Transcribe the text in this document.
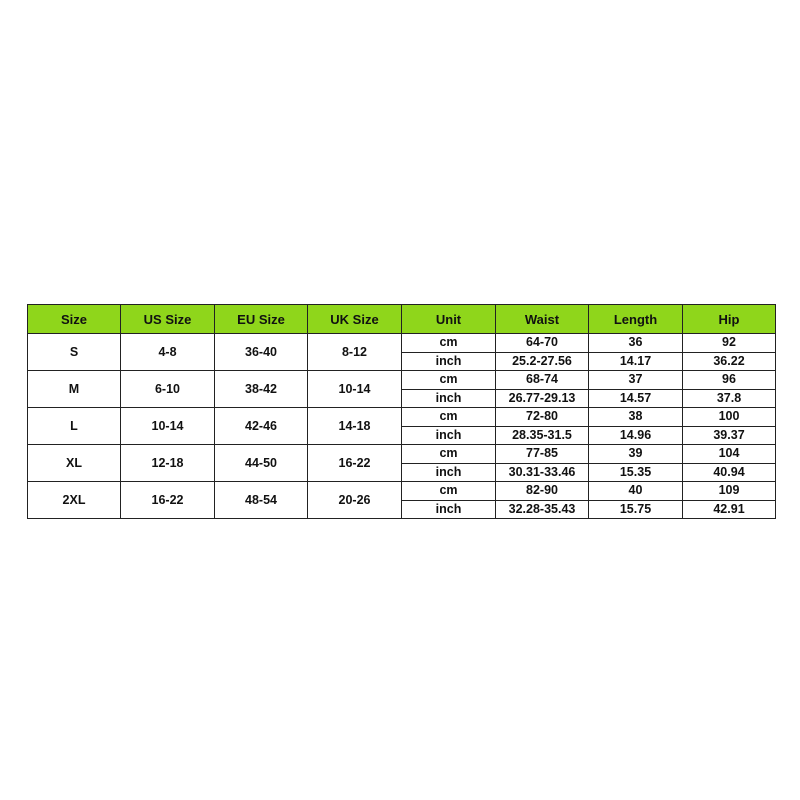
Size	US Size	EU Size	UK Size	Unit	Waist	Length	Hip
S	4-8	36-40	8-12	cm	64-70	36	92
				inch	25.2-27.56	14.17	36.22
M	6-10	38-42	10-14	cm	68-74	37	96
				inch	26.77-29.13	14.57	37.8
L	10-14	42-46	14-18	cm	72-80	38	100
				inch	28.35-31.5	14.96	39.37
XL	12-18	44-50	16-22	cm	77-85	39	104
				inch	30.31-33.46	15.35	40.94
2XL	16-22	48-54	20-26	cm	82-90	40	109
				inch	32.28-35.43	15.75	42.91
